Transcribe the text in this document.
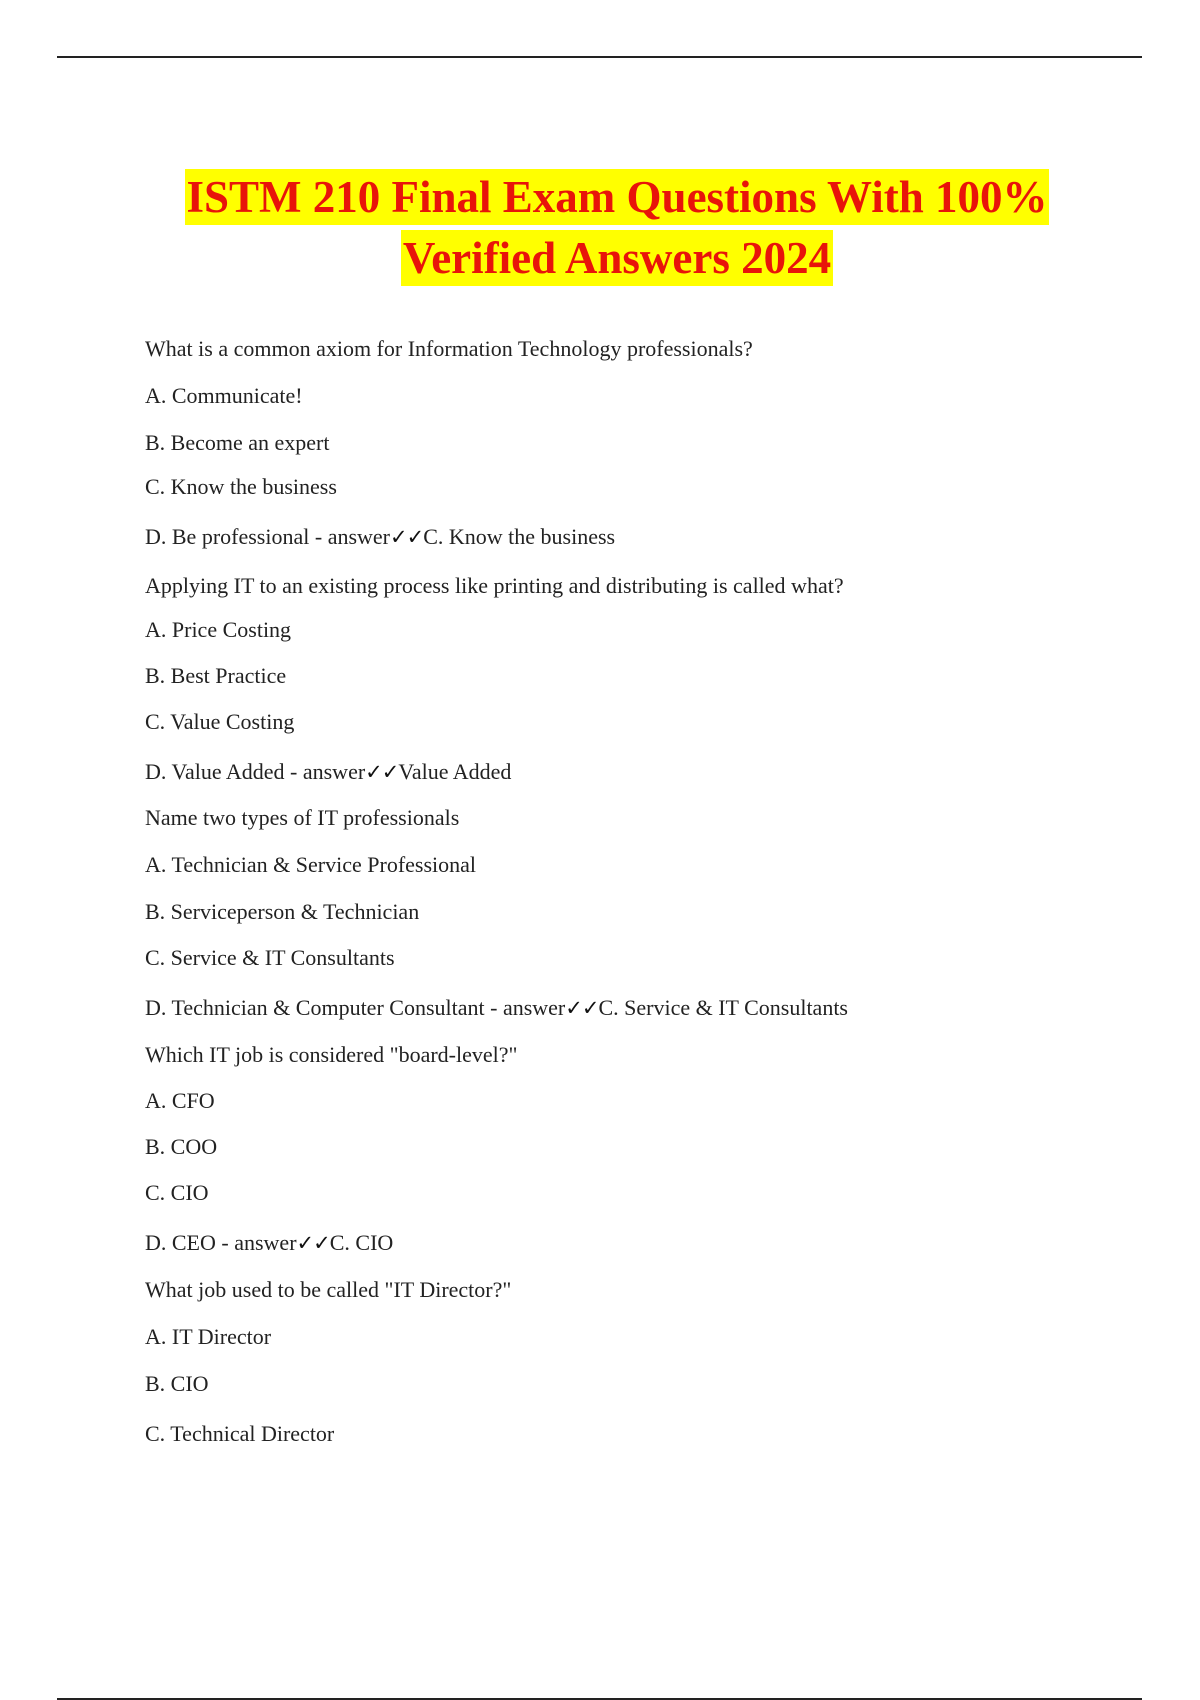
ISTM 210 Final Exam Questions With 100%
Verified Answers 2024
What is a common axiom for Information Technology professionals?
A. Communicate!
B. Become an expert
C. Know the business
D. Be professional - answer✓✓C. Know the business
Applying IT to an existing process like printing and distributing is called what?
A. Price Costing
B. Best Practice
C. Value Costing
D. Value Added - answer✓✓Value Added
Name two types of IT professionals
A. Technician & Service Professional
B. Serviceperson & Technician
C. Service & IT Consultants
D. Technician & Computer Consultant - answer✓✓C. Service & IT Consultants
Which IT job is considered "board-level?"
A. CFO
B. COO
C. CIO
D. CEO - answer✓✓C. CIO
What job used to be called "IT Director?"
A. IT Director
B. CIO
C. Technical Director
